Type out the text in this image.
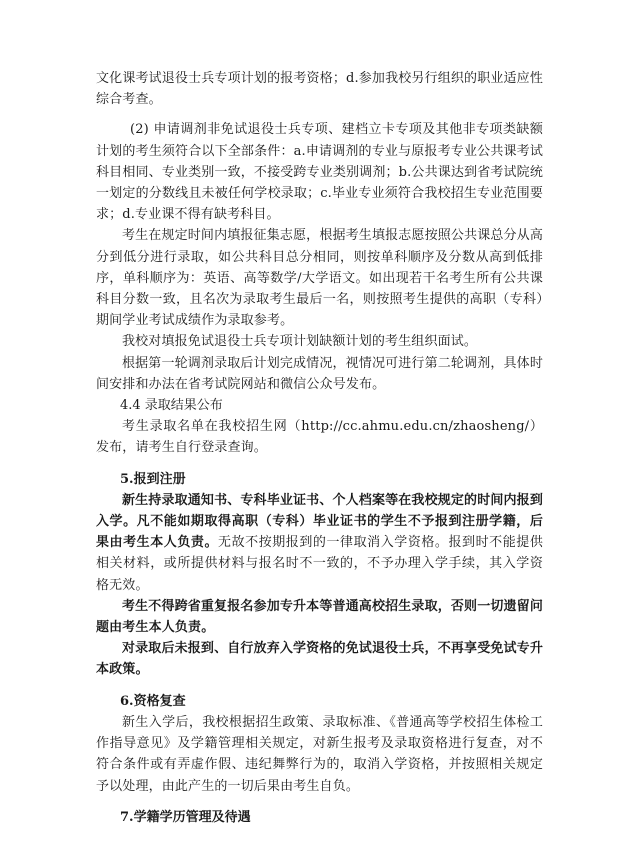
文化课考试退役士兵专项计划的报考资格；d.参加我校另行组织的职业适应性综合考查。

(2) 申请调剂非免试退役士兵专项、建档立卡专项及其他非专项类缺额计划的考生须符合以下全部条件：a.申请调剂的专业与原报考专业公共课考试科目相同、专业类别一致，不接受跨专业类别调剂；b.公共课达到省考试院统一划定的分数线且未被任何学校录取；c.毕业专业须符合我校招生专业范围要求；d.专业课不得有缺考科目。

考生在规定时间内填报征集志愿，根据考生填报志愿按照公共课总分从高分到低分进行录取，如公共科目总分相同，则按单科顺序及分数从高到低排序，单科顺序为：英语、高等数学/大学语文。如出现若干名考生所有公共课科目分数一致，且名次为录取考生最后一名，则按照考生提供的高职（专科）期间学业考试成绩作为录取参考。

我校对填报免试退役士兵专项计划缺额计划的考生组织面试。

根据第一轮调剂录取后计划完成情况，视情况可进行第二轮调剂，具体时间安排和办法在省考试院网站和微信公众号发布。

4.4 录取结果公布

考生录取名单在我校招生网（http://cc.ahmu.edu.cn/zhaosheng/）发布，请考生自行登录查询。

5.报到注册

新生持录取通知书、专科毕业证书、个人档案等在我校规定的时间内报到入学。凡不能如期取得高职（专科）毕业证书的学生不予报到注册学籍，后果由考生本人负责。无故不按期报到的一律取消入学资格。报到时不能提供相关材料，或所提供材料与报名时不一致的，不予办理入学手续，其入学资格无效。

考生不得跨省重复报名参加专升本等普通高校招生录取，否则一切遗留问题由考生本人负责。

对录取后未报到、自行放弃入学资格的免试退役士兵，不再享受免试专升本政策。

6.资格复查

新生入学后，我校根据招生政策、录取标准、《普通高等学校招生体检工作指导意见》及学籍管理相关规定，对新生报考及录取资格进行复查，对不符合条件或有弄虚作假、违纪舞弊行为的，取消入学资格，并按照相关规定予以处理，由此产生的一切后果由考生自负。

7.学籍学历管理及待遇
